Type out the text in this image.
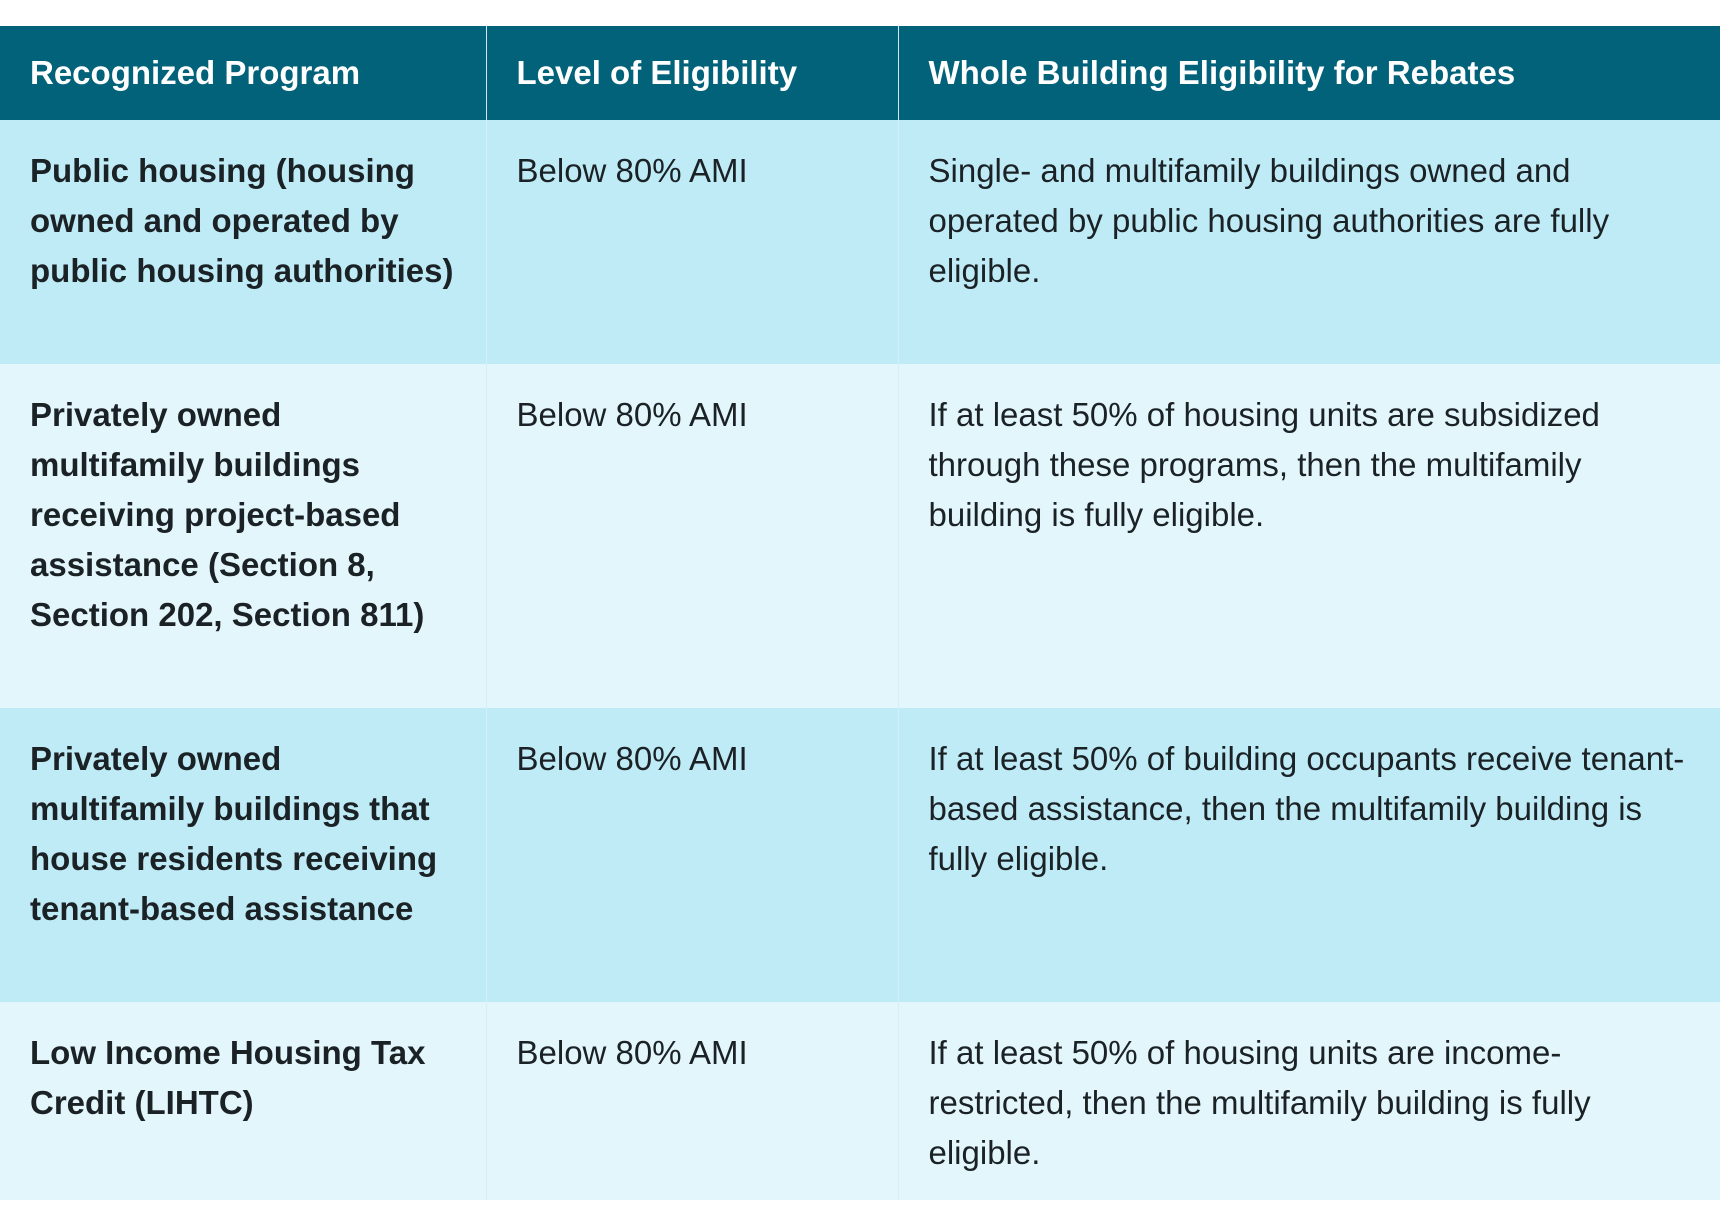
Recognized Program	Level of Eligibility	Whole Building Eligibility for Rebates
Public housing (housing owned and operated by public housing authorities)	Below 80% AMI	Single- and multifamily buildings owned and operated by public housing authorities are fully eligible.
Privately owned multifamily buildings receiving project-based assistance (Section 8, Section 202, Section 811)	Below 80% AMI	If at least 50% of housing units are subsidized through these programs, then the multifamily building is fully eligible.
Privately owned multifamily buildings that house residents receiving tenant-based assistance	Below 80% AMI	If at least 50% of building occupants receive tenant-based assistance, then the multifamily building is fully eligible.
Low Income Housing Tax Credit (LIHTC)	Below 80% AMI	If at least 50% of housing units are income-restricted, then the multifamily building is fully eligible.
